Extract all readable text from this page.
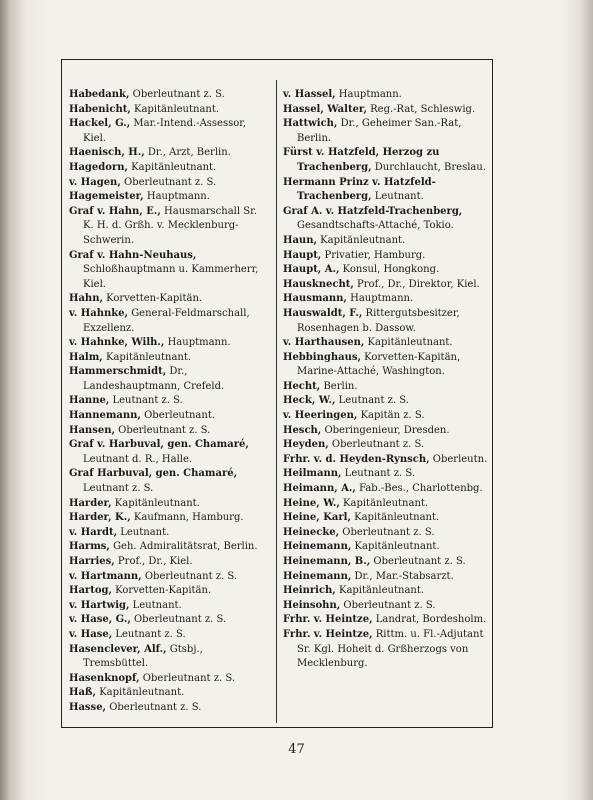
Habedank, Oberleutnant z. S.

Habenicht, Kapitänleutnant.

Hackel, G., Mar.-Intend.-Assessor, Kiel.

Haenisch, H., Dr., Arzt, Berlin.

Hagedorn, Kapitänleutnant.

v. Hagen, Oberleutnant z. S.

Hagemeister, Hauptmann.

Graf v. Hahn, E., Hausmarschall Sr. K. H. d. Grßh. v. Mecklenburg-Schwerin.

Graf v. Hahn-Neuhaus, Schloßhauptmann u. Kammerherr, Kiel.

Hahn, Korvetten-Kapitän.

v. Hahnke, General-Feldmarschall, Exzellenz.

v. Hahnke, Wilh., Hauptmann.

Halm, Kapitänleutnant.

Hammerschmidt, Dr., Landeshauptmann, Crefeld.

Hanne, Leutnant z. S.

Hannemann, Oberleutnant.

Hansen, Oberleutnant z. S.

Graf v. Harbuval, gen. Chamaré, Leutnant d. R., Halle.

Graf Harbuval, gen. Chamaré, Leutnant z. S.

Harder, Kapitänleutnant.

Harder, K., Kaufmann, Hamburg.

v. Hardt, Leutnant.

Harms, Geh. Admiralitätsrat, Berlin.

Harries, Prof., Dr., Kiel.

v. Hartmann, Oberleutnant z. S.

Hartog, Korvetten-Kapitän.

v. Hartwig, Leutnant.

v. Hase, G., Oberleutnant z. S.

v. Hase, Leutnant z. S.

Hasenclever, Alf., Gtsbj., Tremsbüttel.

Hasenknopf, Oberleutnant z. S.

Haß, Kapitänleutnant.

Hasse, Oberleutnant z. S.

v. Hassel, Hauptmann.

Hassel, Walter, Reg.-Rat, Schleswig.

Hattwich, Dr., Geheimer San.-Rat, Berlin.

Fürst v. Hatzfeld, Herzog zu Trachenberg, Durchlaucht, Breslau.

Hermann Prinz v. Hatzfeld-Trachenberg, Leutnant.

Graf A. v. Hatzfeld-Trachenberg, Gesandtschafts-Attaché, Tokio.

Haun, Kapitänleutnant.

Haupt, Privatier, Hamburg.

Haupt, A., Konsul, Hongkong.

Hausknecht, Prof., Dr., Direktor, Kiel.

Hausmann, Hauptmann.

Hauswaldt, F., Rittergutsbesitzer, Rosenhagen b. Dassow.

v. Harthausen, Kapitänleutnant.

Hebbinghaus, Korvetten-Kapitän, Marine-Attaché, Washington.

Hecht, Berlin.

Heck, W., Leutnant z. S.

v. Heeringen, Kapitän z. S.

Hesch, Oberingenieur, Dresden.

Heyden, Oberleutnant z. S.

Frhr. v. d. Heyden-Rynsch, Oberleutn.

Heilmann, Leutnant z. S.

Heimann, A., Fab.-Bes., Charlottenbg.

Heine, W., Kapitänleutnant.

Heine, Karl, Kapitänleutnant.

Heinecke, Oberleutnant z. S.

Heinemann, Kapitänleutnant.

Heinemann, B., Oberleutnant z. S.

Heinemann, Dr., Mar.-Stabsarzt.

Heinrich, Kapitänleutnant.

Heinsohn, Oberleutnant z. S.

Frhr. v. Heintze, Landrat, Bordesholm.

Frhr. v. Heintze, Rittm. u. Fl.-Adjutant Sr. Kgl. Hoheit d. Grßherzogs von Mecklenburg.

47
